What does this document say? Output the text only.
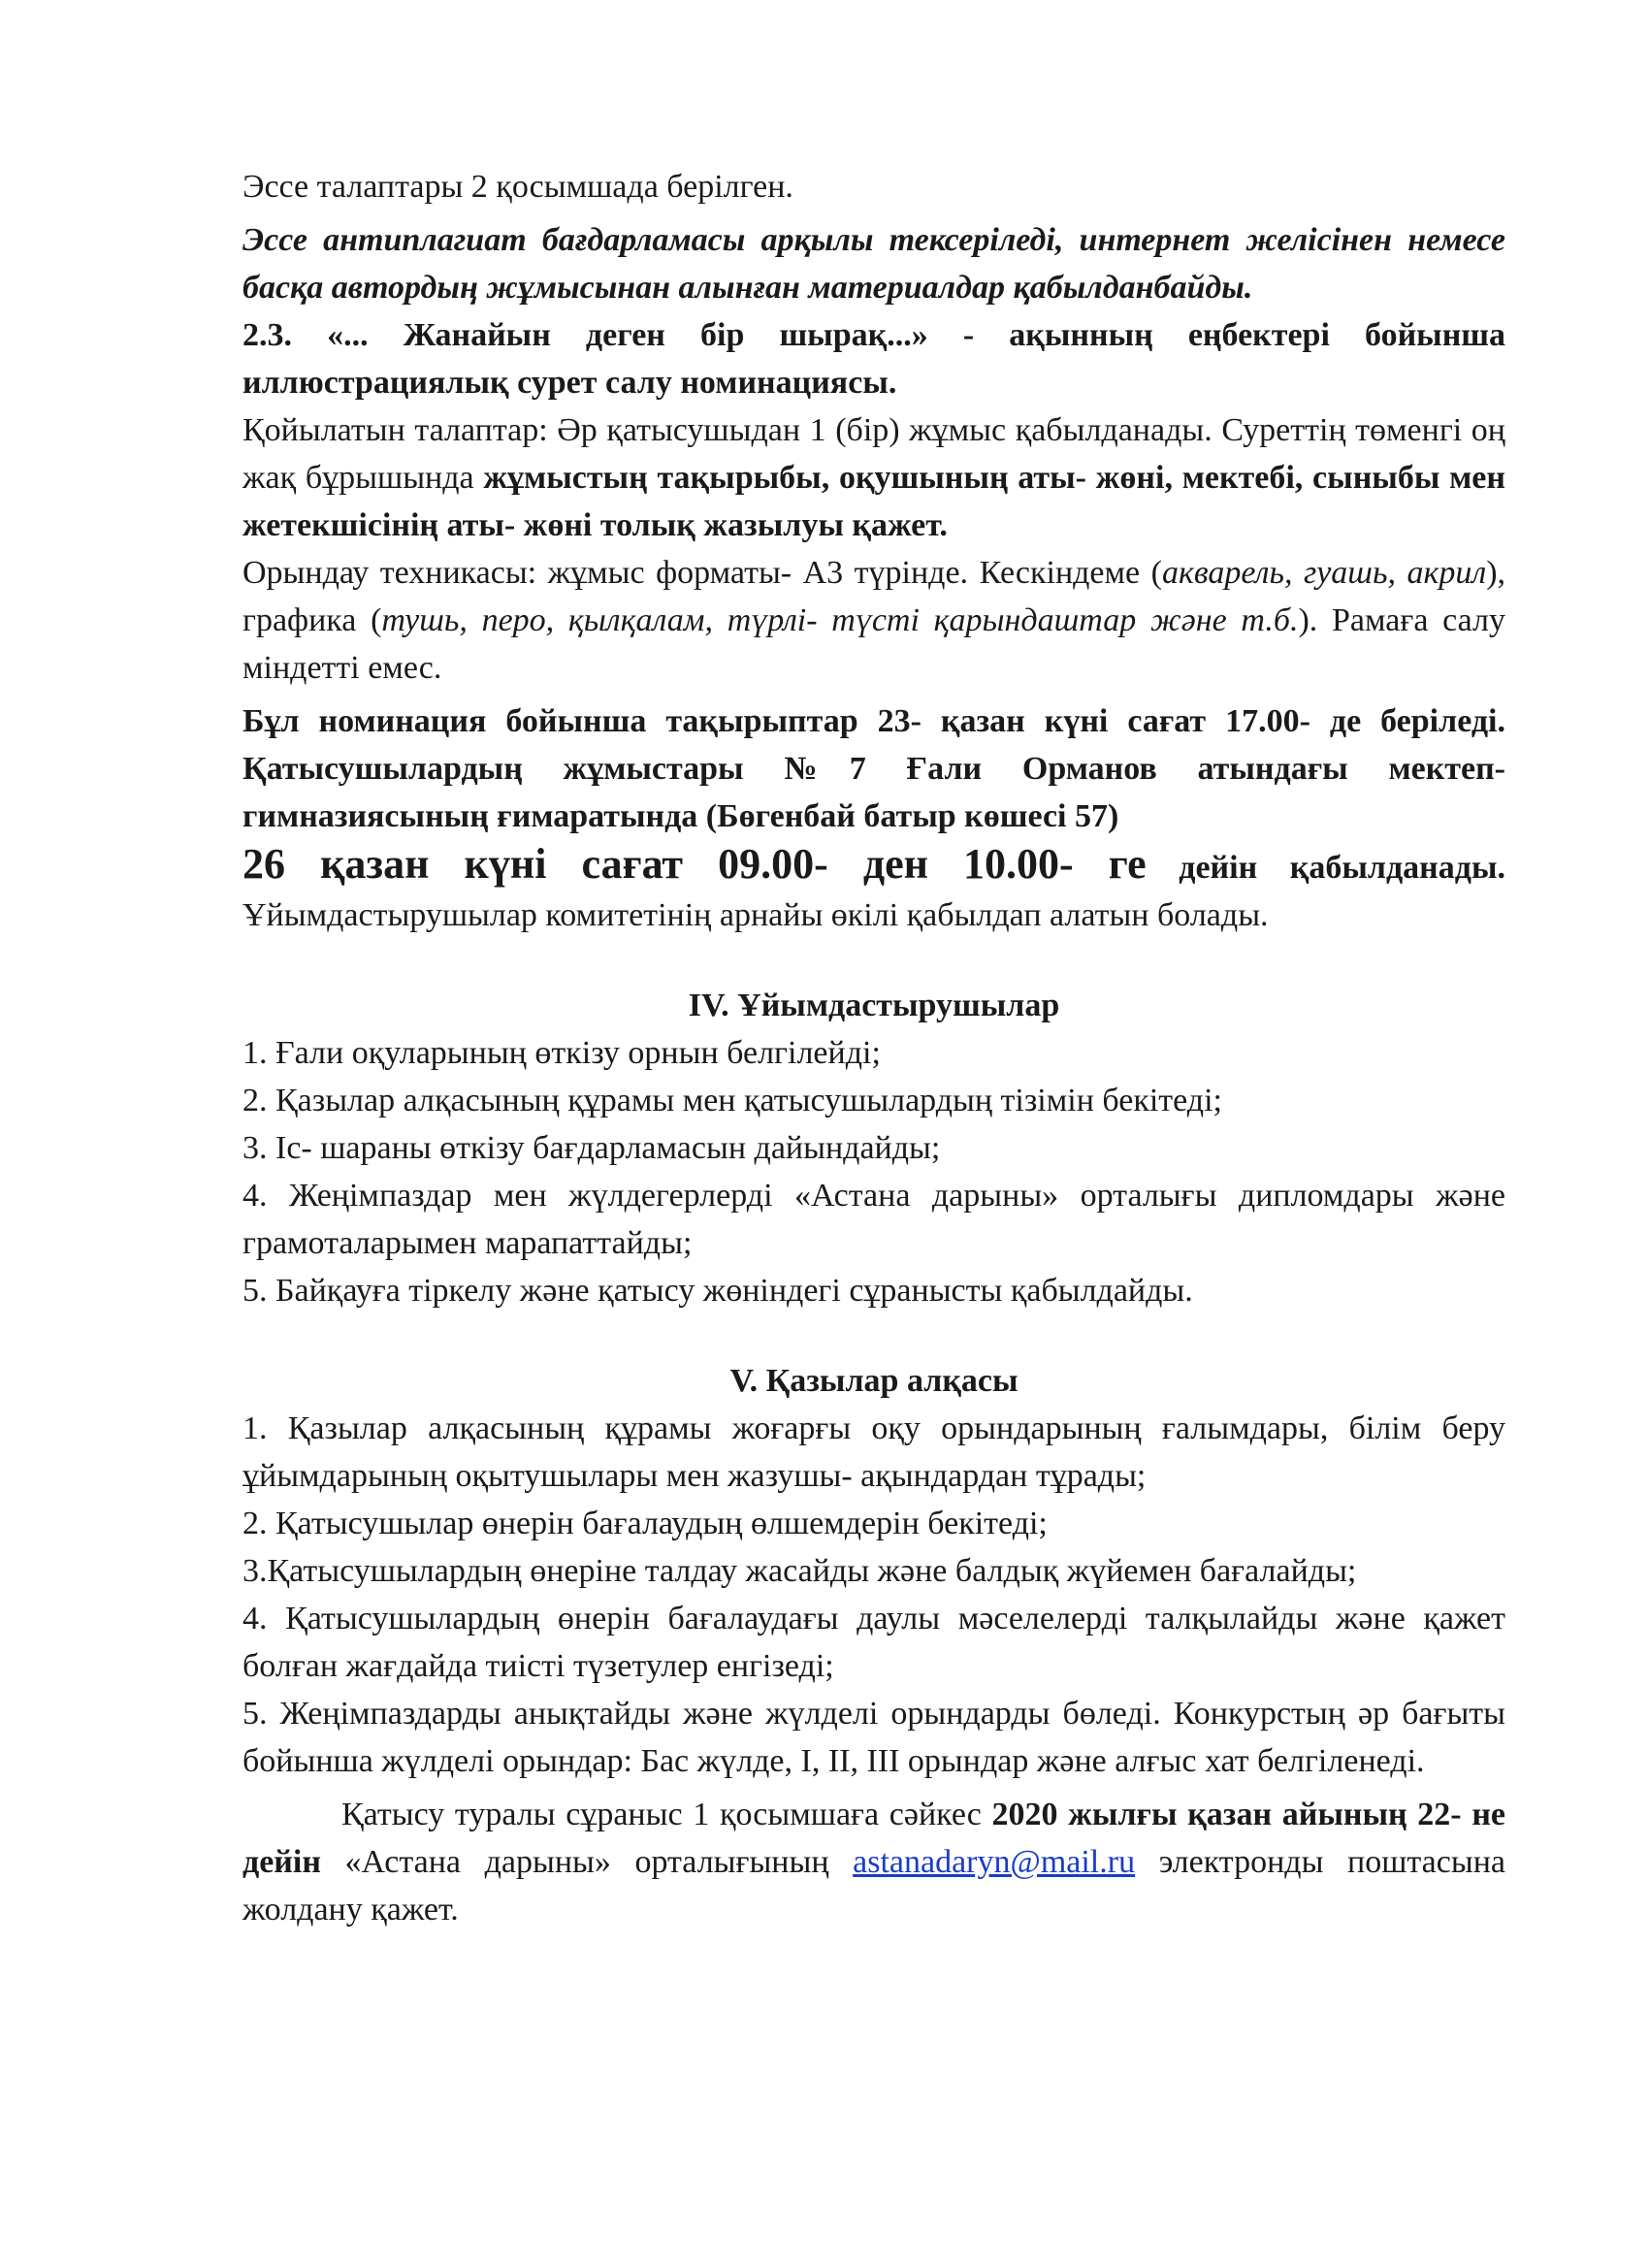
Эссе талаптары 2 қосымшада берілген.

Эссе антиплагиат бағдарламасы арқылы тексеріледі, интернет желісінен немесе басқа автордың жұмысынан алынған материалдар қабылданбайды.

2.3. «... Жанайын деген бір шырақ...» - ақынның еңбектері бойынша иллюстрациялық сурет салу номинациясы.

Қойылатын талаптар: Әр қатысушыдан 1 (бір) жұмыс қабылданады. Суреттің төменгі оң жақ бұрышында жұмыстың тақырыбы, оқушының аты- жөні, мектебі, сыныбы мен жетекшісінің аты- жөні толық жазылуы қажет.

Орындау техникасы: жұмыс форматы- А3 түрінде. Кескіндеме (акварель, гуашь, акрил), графика (тушь, перо, қылқалам, түрлі- түсті қарындаштар және т.б.). Рамаға салу міндетті емес.

Бұл номинация бойынша тақырыптар 23- қазан күні сағат 17.00- де беріледі. Қатысушылардың жұмыстары №7 Ғали Орманов атындағы мектеп-гимназиясының ғимаратында (Бөгенбай батыр көшесі 57)

26 қазан күні сағат 09.00- ден 10.00- ге дейін қабылданады.

Ұйымдастырушылар комитетінің арнайы өкілі қабылдап алатын болады.

IV. Ұйымдастырушылар

1. Ғали оқуларының өткізу орнын белгілейді;

2. Қазылар алқасының құрамы мен қатысушылардың тізімін бекітеді;

3. Іс- шараны өткізу бағдарламасын дайындайды;

4. Жеңімпаздар мен жүлдегерлерді «Астана дарыны» орталығы дипломдары және грамоталарымен марапаттайды;

5. Байқауға тіркелу және қатысу жөніндегі сұранысты қабылдайды.

V. Қазылар алқасы

1. Қазылар алқасының құрамы жоғарғы оқу орындарының ғалымдары, білім беру ұйымдарының оқытушылары мен жазушы- ақындардан тұрады;

2. Қатысушылар өнерін бағалаудың өлшемдерін бекітеді;

3.Қатысушылардың өнеріне талдау жасайды және балдық жүйемен бағалайды;

4. Қатысушылардың өнерін бағалаудағы даулы мәселелерді талқылайды және қажет болған жағдайда тиісті түзетулер енгізеді;

5. Жеңімпаздарды анықтайды және жүлделі орындарды бөледі. Конкурстың әр бағыты бойынша жүлделі орындар: Бас жүлде, I, II, III орындар және алғыс хат белгіленеді.

Қатысу туралы сұраныс 1 қосымшаға сәйкес 2020 жылғы қазан айының 22- не дейін «Астана дарыны» орталығының astanadaryn@mail.ru электронды поштасына жолдану қажет.
